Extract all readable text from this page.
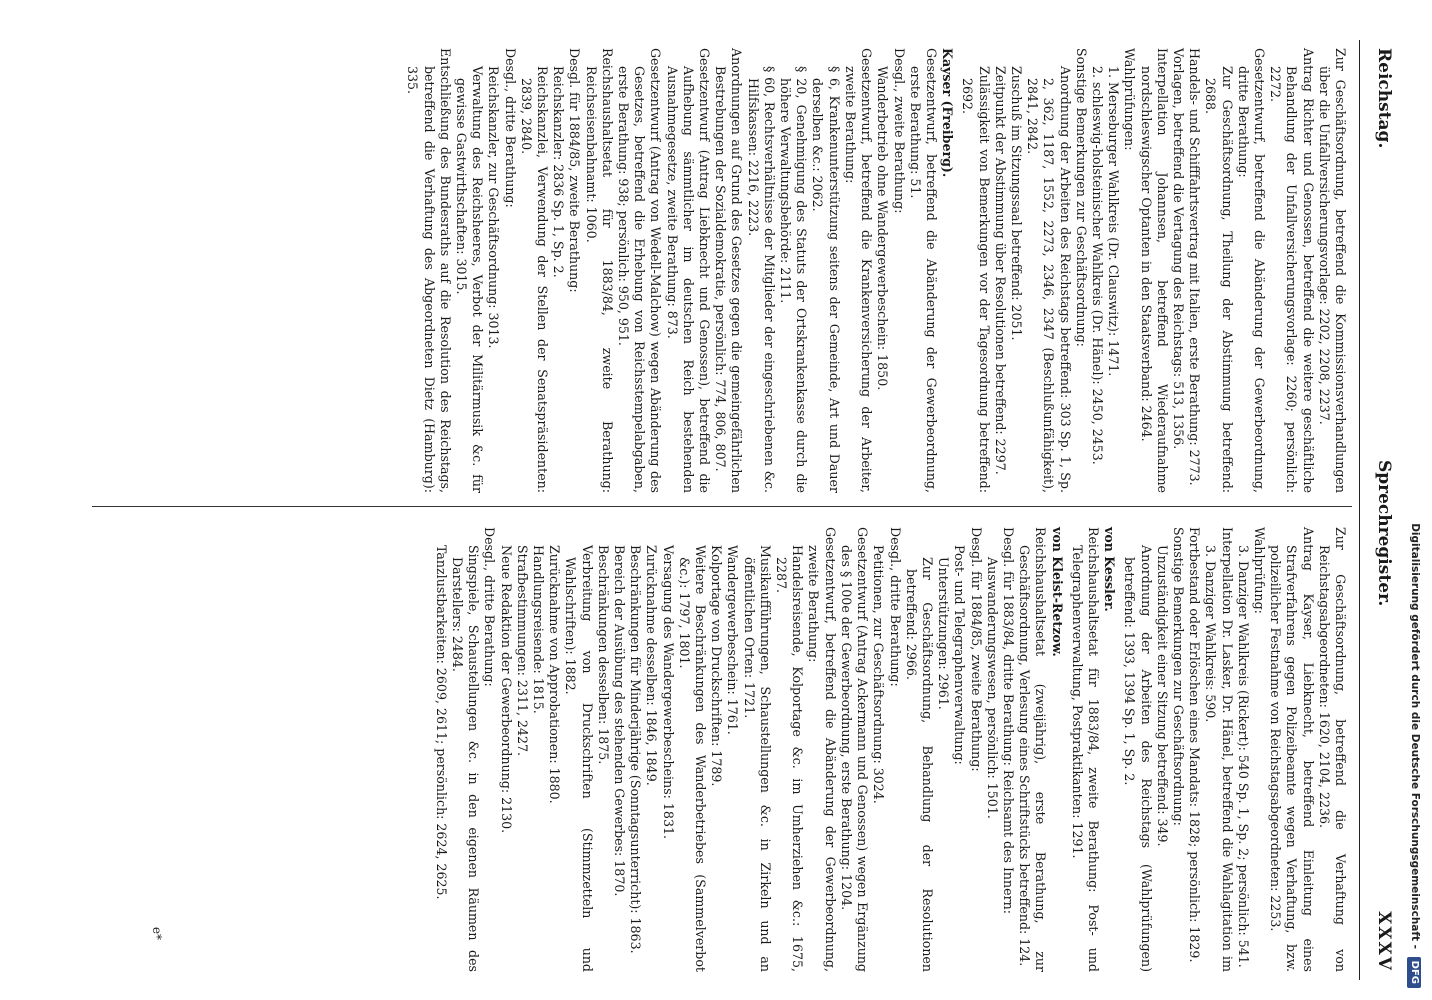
Reichstag.
Sprechregister.
XXXV

Zur Geschäftsordnung, betreffend die Kommissionsverhandlungen über die Unfallversicherungsvorlage: 2202, 2208, 2237.

Antrag Richter und Genossen, betreffend die weitere geschäftliche Behandlung der Unfallversicherungsvorlage: 2260; persönlich: 2272.

Gesetzentwurf, betreffend die Abänderung der Gewerbeordnung, dritte Berathung:

Zur Geschäftsordnung, Theilung der Abstimmung betreffend: 2688.

Handels- und Schifffahrtsvertrag mit Italien, erste Berathung: 2773.

Vorlagen, betreffend die Vertagung des Reichstags: 513, 1356.

Interpellation Johannsen, betreffend Wiederaufnahme nordschleswigscher Optanten in den Staatsverband: 2464.

Wahlprüfungen:

1. Merseburger Wahlkreis (Dr. Clauswitz): 1471.

2. schleswig-holsteinischer Wahlkreis (Dr. Hänel): 2450, 2453.

Sonstige Bemerkungen zur Geschäftsordnung:

Anordnung der Arbeiten des Reichstags betreffend: 303 Sp. 1, Sp. 2, 362, 1187, 1552, 2273, 2346, 2347 (Beschlußunfähigkeit), 2841, 2842.

Zuschuß im Sitzungssaal betreffend: 2051.

Zeitpunkt der Abstimmung über Resolutionen betreffend: 2297.

Zulässigkeit von Bemerkungen vor der Tagesordnung betreffend: 2692.

Kayser (Freiberg).

Gesetzentwurf, betreffend die Abänderung der Gewerbeordnung, erste Berathung: 51.

Desgl., zweite Berathung:

Wanderbetrieb ohne Wandergewerbeschein: 1850.

Gesetzentwurf, betreffend die Krankenversicherung der Arbeiter, zweite Berathung:

§ 6, Krankenunterstützung seitens der Gemeinde, Art und Dauer derselben &c.: 2062.

§ 20, Genehmigung des Statuts der Ortskrankenkasse durch die höhere Verwaltungsbehörde: 2111.

§ 60, Rechtsverhältnisse der Mitglieder der eingeschriebenen &c. Hilfskassen: 2216, 2223.

Anordnungen auf Grund des Gesetzes gegen die gemeingefährlichen Bestrebungen der Sozialdemokratie, persönlich: 774, 806, 807.

Gesetzentwurf (Antrag Liebknecht und Genossen), betreffend die Aufhebung sämmtlicher im deutschen Reich bestehenden Ausnahmegesetze, zweite Berathung: 873.

Gesetzentwurf (Antrag von Wedell-Malchow) wegen Abänderung des Gesetzes, betreffend die Erhebung von Reichsstempelabgaben, erste Berathung: 938; persönlich: 950, 951.

Reichshaushaltsetat für 1883/84, zweite Berathung: Reichseisenbahnamt: 1060.

Desgl. für 1884/85, zweite Berathung:

Reichskanzler: 2836 Sp. 1, Sp. 2.

Reichskanzlei, Verwendung der Stellen der Senatspräsidenten: 2839, 2840.

Desgl., dritte Berathung:

Reichskanzler, zur Geschäftsordnung: 3013.

Verwaltung des Reichsheeres, Verbot der Militärmusik &c. für gewisse Gastwirthschaften: 3015.

Entschließung des Bundesraths auf die Resolution des Reichstags, betreffend die Verhaftung des Abgeordneten Dietz (Hamburg): 335.

Zur Geschäftsordnung, betreffend die Verhaftung von Reichstagsabgeordneten: 1620, 2104, 2236.

Antrag Kayser, Liebknecht, betreffend Einleitung eines Strafverfahrens gegen Polizeibeamte wegen Verhaftung, bzw. polizeilicher Festnahme von Reichstagsabgeordneten: 2253.

Wahlprüfung:

3. Danziger Wahlkreis (Rickert): 540 Sp. 1, Sp. 2; persönlich: 541.

Interpellation Dr. Lasker, Dr. Hänel, betreffend die Wahlagitation im 3. Danziger Wahlkreis: 590.

Fortbestand oder Erlöschen eines Mandats: 1828; persönlich: 1829.

Sonstige Bemerkungen zur Geschäftsordnung:

Unzuständigkeit einer Sitzung betreffend: 349.

Anordnung der Arbeiten des Reichstags (Wahlprüfungen) betreffend: 1393, 1394 Sp. 1, Sp. 2.

von Kessler.

Reichshaushaltsetat für 1883/84, zweite Berathung: Post- und Telegraphenverwaltung, Postpraktikanten: 1291.

von Kleist-Retzow.

Reichshaushaltsetat (zweijährig), erste Berathung, zur Geschäftsordnung, Verlesung eines Schriftstücks betreffend: 124.

Desgl. für 1883/84, dritte Berathung: Reichsamt des Innern:

Auswanderungswesen, persönlich: 1501.

Desgl. für 1884/85, zweite Berathung:

Post- und Telegraphenverwaltung:

Unterstützungen: 2961.

Zur Geschäftsordnung, Behandlung der Resolutionen betreffend: 2966.

Desgl., dritte Berathung:

Petitionen, zur Geschäftsordnung: 3024.

Gesetzentwurf (Antrag Ackermann und Genossen) wegen Ergänzung des § 100e der Gewerbeordnung, erste Berathung: 1204.

Gesetzentwurf, betreffend die Abänderung der Gewerbeordnung, zweite Berathung:

Handelsreisende, Kolportage &c. im Umherziehen &c.: 1675, 2287.

Musikaufführungen, Schaustellungen &c. in Zirkeln und an öffentlichen Orten: 1721.

Wandergewerbeschein: 1761.

Kolportage von Druckschriften: 1789.

Weitere Beschränkungen des Wanderbetriebes (Sammelverbot &c.): 1797, 1801.

Versagung des Wandergewerbescheins: 1831.

Zurücknahme desselben: 1846, 1849.

Beschränkungen für Minderjährige (Sonntagsunterricht): 1863.

Bereich der Ausübung des stehenden Gewerbes: 1870.

Beschränkungen desselben: 1875.

Verbreitung von Druckschriften (Stimmzetteln und Wahlschriften): 1882.

Zurücknahme von Approbationen: 1880.

Handlungsreisende: 1815.

Strafbestimmungen: 2311, 2427.

Neue Redaktion der Gewerbeordnung: 2130.

Desgl., dritte Berathung:

Singspiele, Schaustellungen &c. in den eigenen Räumen des Darstellers: 2484.

Tanzlustbarkeiten: 2609, 2611; persönlich: 2624, 2625.

e*	Digitalisierung gefördert durch die Deutsche Forschungsgemeinschaft - DFG
